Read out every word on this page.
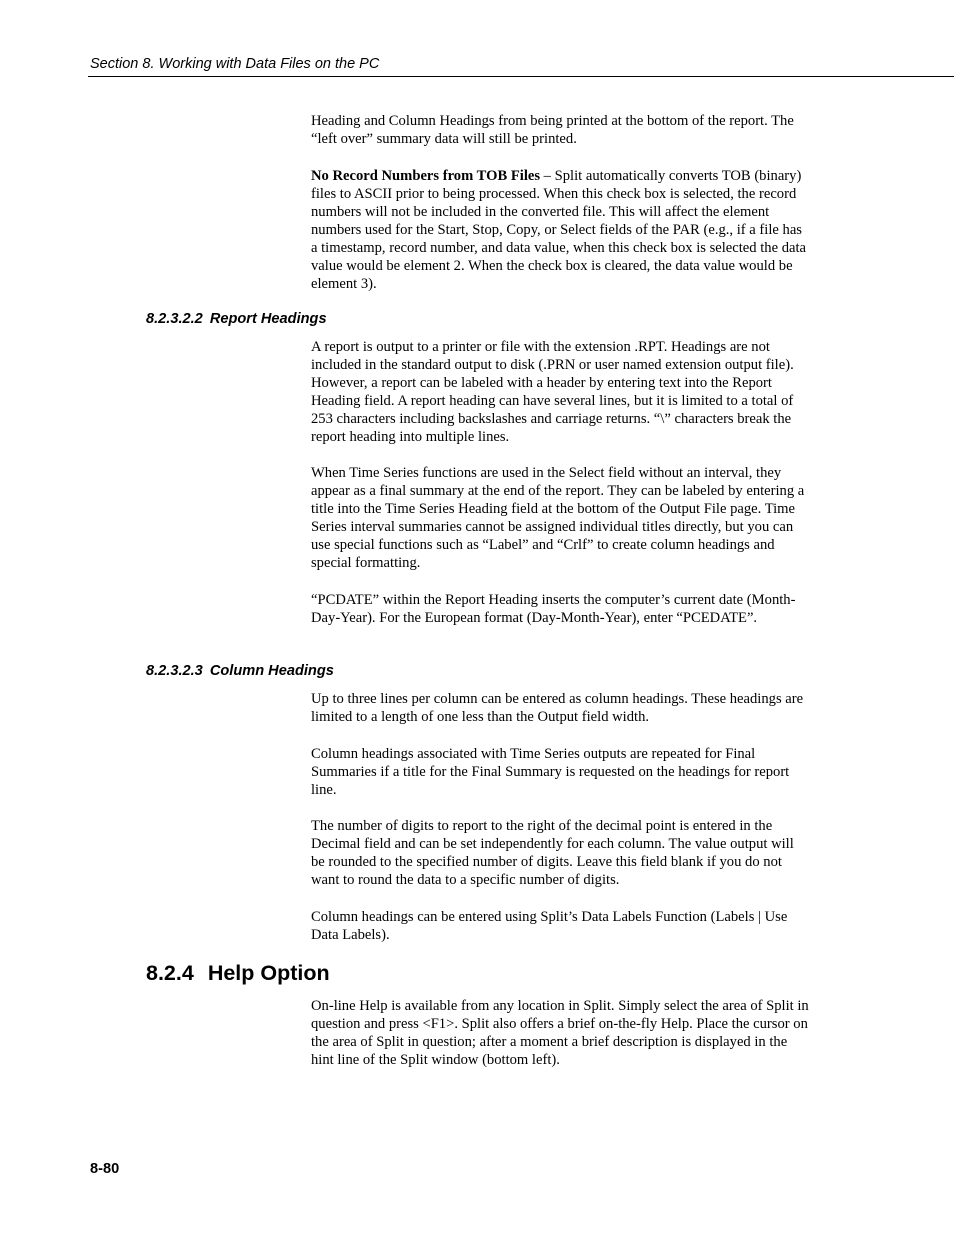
Section 8. Working with Data Files on the PC

Heading and Column Headings from being printed at the bottom of the report. The “left over” summary data will still be printed.

No Record Numbers from TOB Files – Split automatically converts TOB (binary) files to ASCII prior to being processed. When this check box is selected, the record numbers will not be included in the converted file. This will affect the element numbers used for the Start, Stop, Copy, or Select fields of the PAR (e.g., if a file has a timestamp, record number, and data value, when this check box is selected the data value would be element 2. When the check box is cleared, the data value would be element 3).

8.2.3.2.2 Report Headings

A report is output to a printer or file with the extension .RPT. Headings are not included in the standard output to disk (.PRN or user named extension output file). However, a report can be labeled with a header by entering text into the Report Heading field. A report heading can have several lines, but it is limited to a total of 253 characters including backslashes and carriage returns. “\” characters break the report heading into multiple lines.

When Time Series functions are used in the Select field without an interval, they appear as a final summary at the end of the report. They can be labeled by entering a title into the Time Series Heading field at the bottom of the Output File page. Time Series interval summaries cannot be assigned individual titles directly, but you can use special functions such as “Label” and “Crlf” to create column headings and special formatting.

“PCDATE” within the Report Heading inserts the computer’s current date (Month-Day-Year). For the European format (Day-Month-Year), enter “PCEDATE”.

8.2.3.2.3 Column Headings

Up to three lines per column can be entered as column headings. These headings are limited to a length of one less than the Output field width.

Column headings associated with Time Series outputs are repeated for Final Summaries if a title for the Final Summary is requested on the headings for report line.

The number of digits to report to the right of the decimal point is entered in the Decimal field and can be set independently for each column. The value output will be rounded to the specified number of digits. Leave this field blank if you do not want to round the data to a specific number of digits.

Column headings can be entered using Split’s Data Labels Function (Labels | Use Data Labels).

8.2.4 Help Option

On-line Help is available from any location in Split. Simply select the area of Split in question and press <F1>. Split also offers a brief on-the-fly Help. Place the cursor on the area of Split in question; after a moment a brief description is displayed in the hint line of the Split window (bottom left).

8-80
